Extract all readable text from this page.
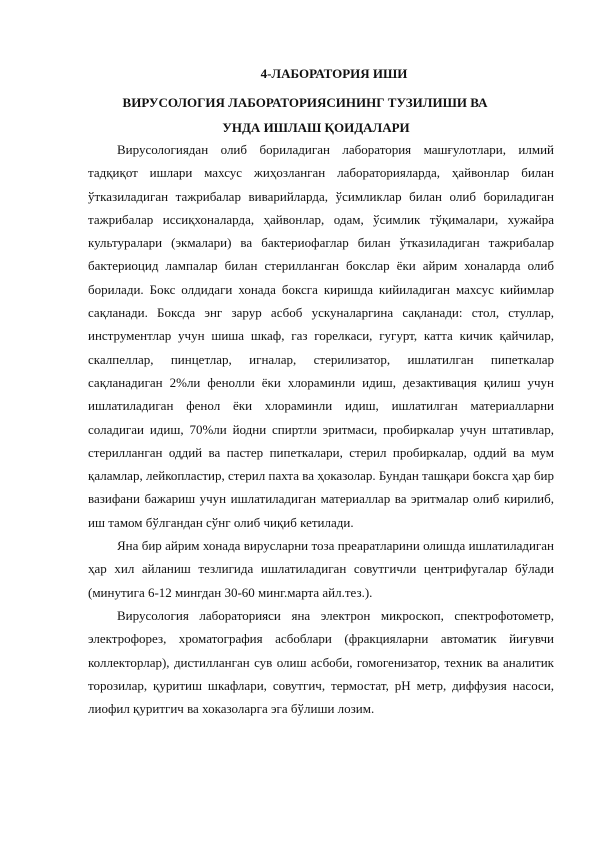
4-ЛАБОРАТОРИЯ ИШИ
ВИРУСОЛОГИЯ ЛАБОРАТОРИЯСИНИНГ ТУЗИЛИШИ ВА
УНДА ИШЛАШ ҚОИДАЛАРИ

Вирусологиядан олиб бориладиган лаборатория машғулотлари, илмий тадқиқот ишлари махсус жиҳозланган лабораторияларда, ҳайвонлар билан ўтказиладиган тажрибалар виварийларда, ўсимликлар билан олиб бориладиган тажрибалар иссиқхоналарда, ҳайвонлар, одам, ўсимлик тўқималари, хужайра культуралари (экмалари) ва бактериофаглар билан ўтказиладиган тажрибалар бактериоцид лампалар билан стерилланган бокслар ёки айрим хоналарда олиб борилади. Бокс олдидаги хонада боксга киришда кийиладиган махсус кийимлар сақланади. Боксда энг зарур асбоб ускуналаргина сақланади: стол, стуллар, инструментлар учун шиша шкаф, газ горелкаси, гугурт, катта кичик қайчилар, скалпеллар, пинцетлар, игналар, стерилизатор, ишлатилган пипеткалар сақланадиган 2%ли фенолли ёки хлораминли идиш, дезактивация қилиш учун ишлатиладиган фенол ёки хлораминли идиш, ишлатилган материалларни соладигаи идиш, 70%ли йодни спиртли эритмаси, пробиркалар учун штативлар, стерилланган оддий ва пастер пипеткалари, стерил пробиркалар, оддий ва мум қаламлар, лейкопластир, стерил пахта ва ҳоказолар. Бундан ташқари боксга ҳар бир вазифани бажариш учун ишлатиладиган материаллар ва эритмалар олиб кирилиб, иш тамом бўлгандан сўнг олиб чиқиб кетилади.

Яна бир айрим хонада вирусларни тоза преаратларини олишда ишлатиладиган ҳар хил айланиш тезлигида ишлатиладиган совутгичли центрифугалар бўлади (минутига 6-12 мингдан 30-60 минг.марта айл.тез.).

Вирусология лабораторияси яна электрон микроскоп, спектрофотометр, электрофорез, хроматография асбоблари (фракцияларни автоматик йиғувчи коллекторлар), дистилланган сув олиш асбоби, гомогенизатор, техник ва аналитик торозилар, қуритиш шкафлари, совутгич, термостат, pH метр, диффузия насоси, лиофил қуритгич ва хоказоларга эга бўлиши лозим.
